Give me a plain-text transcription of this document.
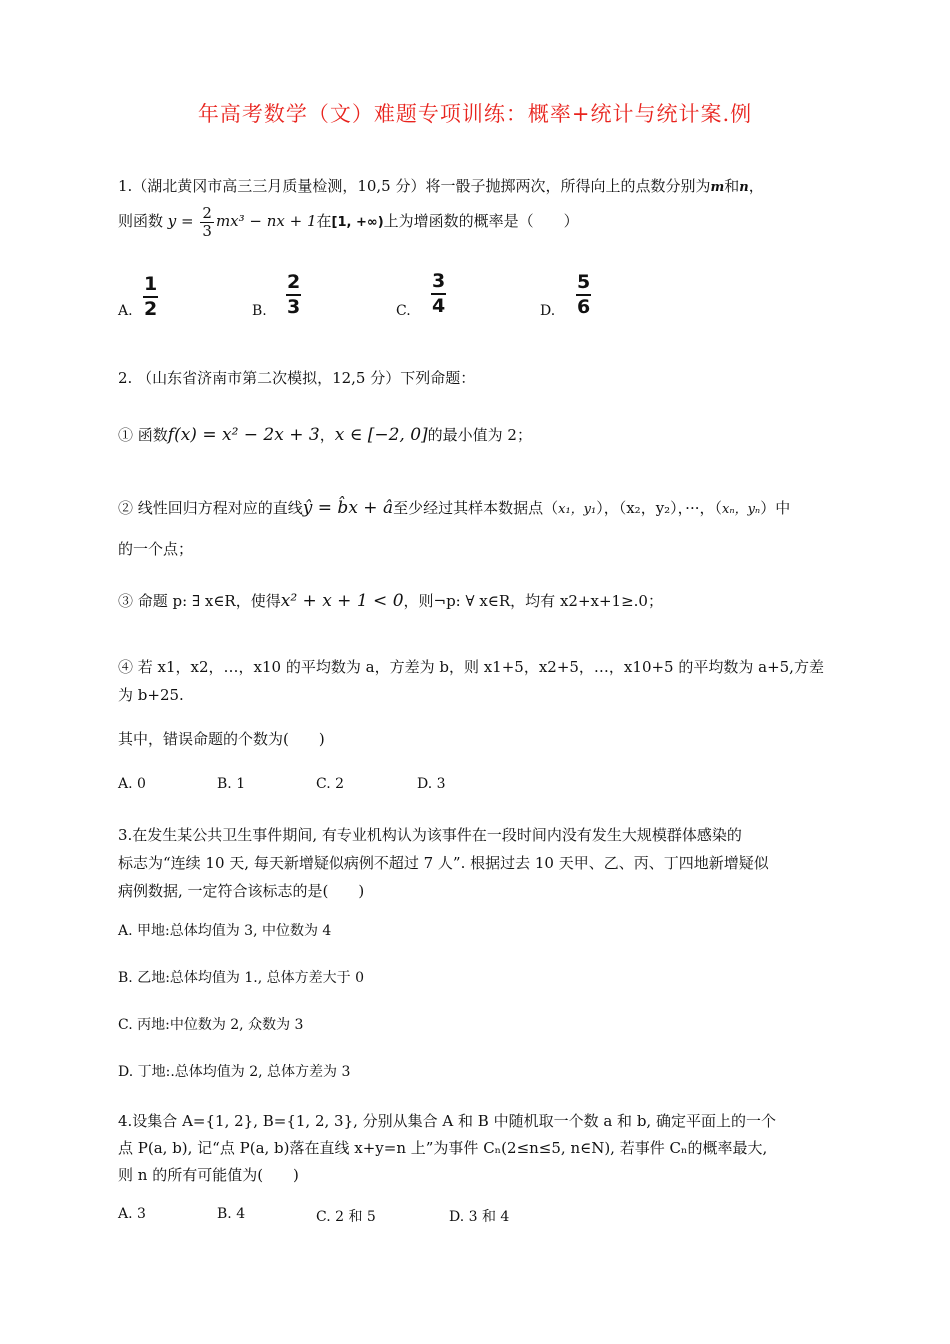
年高考数学（文）难题专项训练：概率+统计与统计案.例
1.（湖北黄冈市高三三月质量检测，10,5 分）将一骰子抛掷两次，所得向上的点数分别为m和n，
则函数 $y = \frac{2}{3} mx^3$ − nx + 1在[1, +∞)上为增函数的概率是（　　）
A. $\frac{1}{2}$	B. $\frac{2}{3}$	C. $\frac{3}{4}$	D. $\frac{5}{6}$
2. （山东省济南市第二次模拟，12,5 分）下列命题：
① 函数f(x) = x² − 2x + 3，x ∈ [−2, 0]的最小值为 2；
② 线性回归方程对应的直线ŷ = b̂x + â至少经过其样本数据点（x₁，y₁），（x₂，y₂），···，（xₙ，yₙ）中
的一个点；
③ 命题 p: ∃ x∈R，使得x² + x + 1 < 0，则¬p: ∀ x∈R，均有 x2+x+1≥.0；
④ 若 x1，x2，…，x10 的平均数为 a，方差为 b，则 x1+5，x2+5，…，x10+5 的平均数为 a+5,方差
为 b+25.
其中，错误命题的个数为(　　)
A. 0	B. 1	C. 2	D. 3
3.在发生某公共卫生事件期间, 有专业机构认为该事件在一段时间内没有发生大规模群体感染的
标志为“连续 10 天, 每天新增疑似病例不超过 7 人”. 根据过去 10 天甲、乙、丙、丁四地新增疑似
病例数据, 一定符合该标志的是(　　)
A. 甲地:总体均值为 3, 中位数为 4
B. 乙地:总体均值为 1., 总体方差大于 0
C. 丙地:中位数为 2, 众数为 3
D. 丁地:.总体均值为 2, 总体方差为 3
4.设集合 A={1, 2}, B={1, 2, 3}, 分别从集合 A 和 B 中随机取一个数 a 和 b, 确定平面上的一个
点 P(a, b), 记“点 P(a, b)落在直线 x+y=n 上”为事件 Cₙ(2≤n≤5, n∈N), 若事件 Cₙ的概率最大,
则 n 的所有可能值为(　　)
A. 3	B. 4	C. 2 和 5	D. 3 和 4
